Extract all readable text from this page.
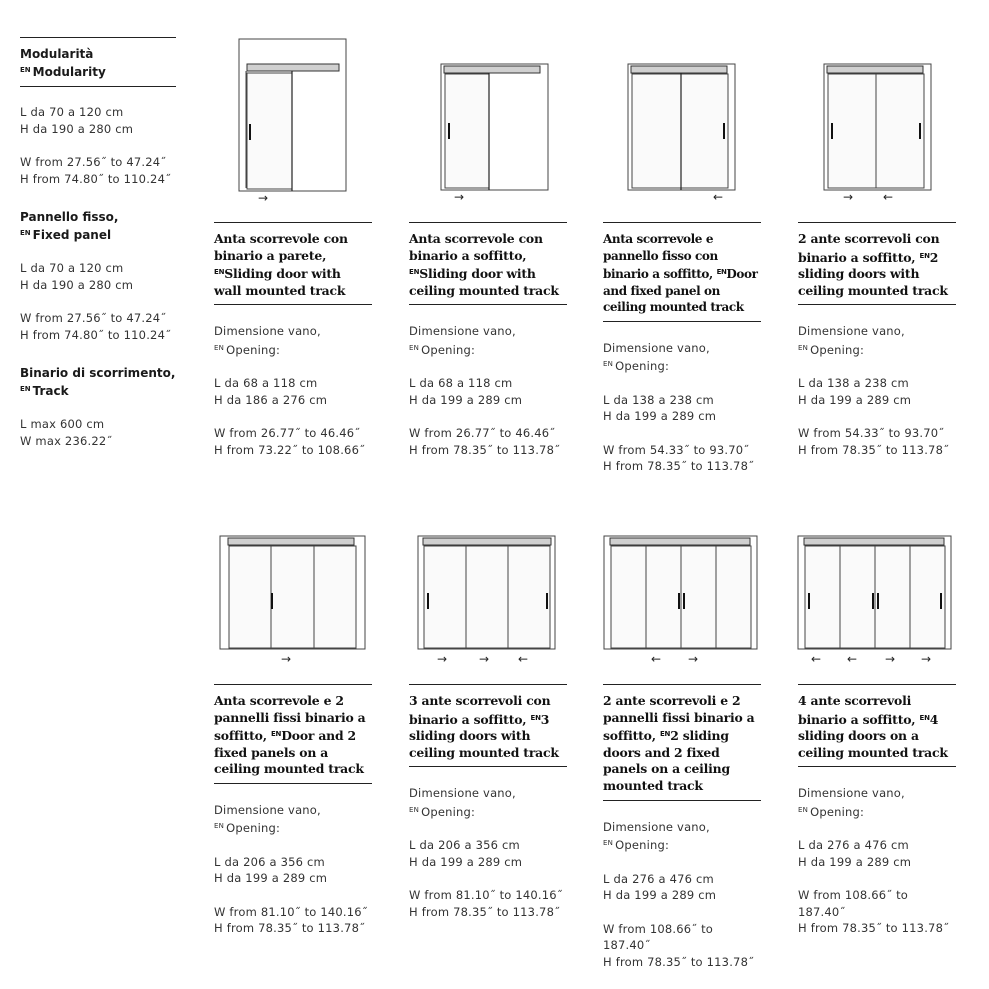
Modularità
$^{EN}$ Modularity
L da 70 a 120 cm
H da 190 a 280 cm
W from 27.56˝ to 47.24˝
H from 74.80˝ to 110.24˝
Pannello fisso,
$^{EN}$ Fixed panel
L da 70 a 120 cm
H da 190 a 280 cm
W from 27.56˝ to 47.24˝
H from 74.80˝ to 110.24˝
Binario di scorrimento,
$^{EN}$ Track
L max 600 cm
W max 236.22˝
→	→	←	→ ←
→	→	→ ←	← →	← ← → →
Anta scorrevole con binario a parete, $^{EN}$Sliding door with wall mounted track
Dimensione vano,
$^{EN}$ Opening:
L da 68 a 118 cm
H da 186 a 276 cm
W from 26.77˝ to 46.46˝
H from 73.22˝ to 108.66˝
Anta scorrevole con binario a soffitto, $^{EN}$Sliding door with ceiling mounted track
Dimensione vano,
$^{EN}$ Opening:
L da 68 a 118 cm
H da 199 a 289 cm
W from 26.77˝ to 46.46˝
H from 78.35˝ to 113.78˝
Anta scorrevole e pannello fisso con binario a soffitto, $^{EN}$Door and fixed panel on ceiling mounted track
Dimensione vano,
$^{EN}$ Opening:
L da 138 a 238 cm
H da 199 a 289 cm
W from 54.33˝ to 93.70˝
H from 78.35˝ to 113.78˝
2 ante scorrevoli con binario a soffitto, $^{EN}$2 sliding doors with ceiling mounted track
Dimensione vano,
$^{EN}$ Opening:
L da 138 a 238 cm
H da 199 a 289 cm
W from 54.33˝ to 93.70˝
H from 78.35˝ to 113.78˝
Anta scorrevole e 2 pannelli fissi binario a soffitto, $^{EN}$Door and 2 fixed panels on a ceiling mounted track
Dimensione vano,
$^{EN}$ Opening:
L da 206 a 356 cm
H da 199 a 289 cm
W from 81.10˝ to 140.16˝
H from 78.35˝ to 113.78˝
3 ante scorrevoli con binario a soffitto, $^{EN}$3 sliding doors with ceiling mounted track
Dimensione vano,
$^{EN}$ Opening:
L da 206 a 356 cm
H da 199 a 289 cm
W from 81.10˝ to 140.16˝
H from 78.35˝ to 113.78˝
2 ante scorrevoli e 2 pannelli fissi binario a soffitto, $^{EN}$2 sliding doors and 2 fixed panels on a ceiling mounted track
Dimensione vano,
$^{EN}$ Opening:
L da 276 a 476 cm
H da 199 a 289 cm
W from 108.66˝ to 187.40˝
H from 78.35˝ to 113.78˝
4 ante scorrevoli binario a soffitto, $^{EN}$4 sliding doors on a ceiling mounted track
Dimensione vano,
$^{EN}$ Opening:
L da 276 a 476 cm
H da 199 a 289 cm
W from 108.66˝ to 187.40˝
H from 78.35˝ to 113.78˝
